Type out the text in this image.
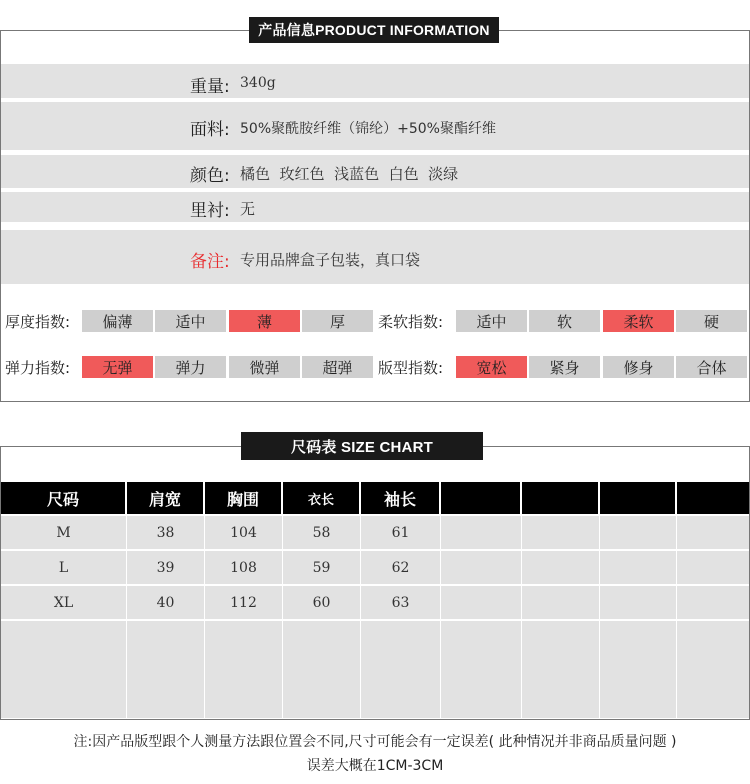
产品信息PRODUCT INFORMATION
重量: 340g
面料: 50%聚酰胺纤维（锦纶）+50%聚酯纤维
颜色: 橘色  玫红色  浅蓝色  白色  淡绿
里衬: 无
备注: 专用品牌盒子包装，真口袋
厚度指数:	偏薄	适中	薄	厚	柔软指数:	适中	软	柔软	硬
弹力指数:	无弹	弹力	微弹	超弹	版型指数:	宽松	紧身	修身	合体
尺码表 SIZE CHART
尺码	肩宽	胸围	衣长	袖长
M	38	104	58	61
L	39	108	59	62
XL	40	112	60	63
注:因产品版型跟个人测量方法跟位置会不同,尺寸可能会有一定误差( 此种情况并非商品质量问题 )
误差大概在1CM-3CM
